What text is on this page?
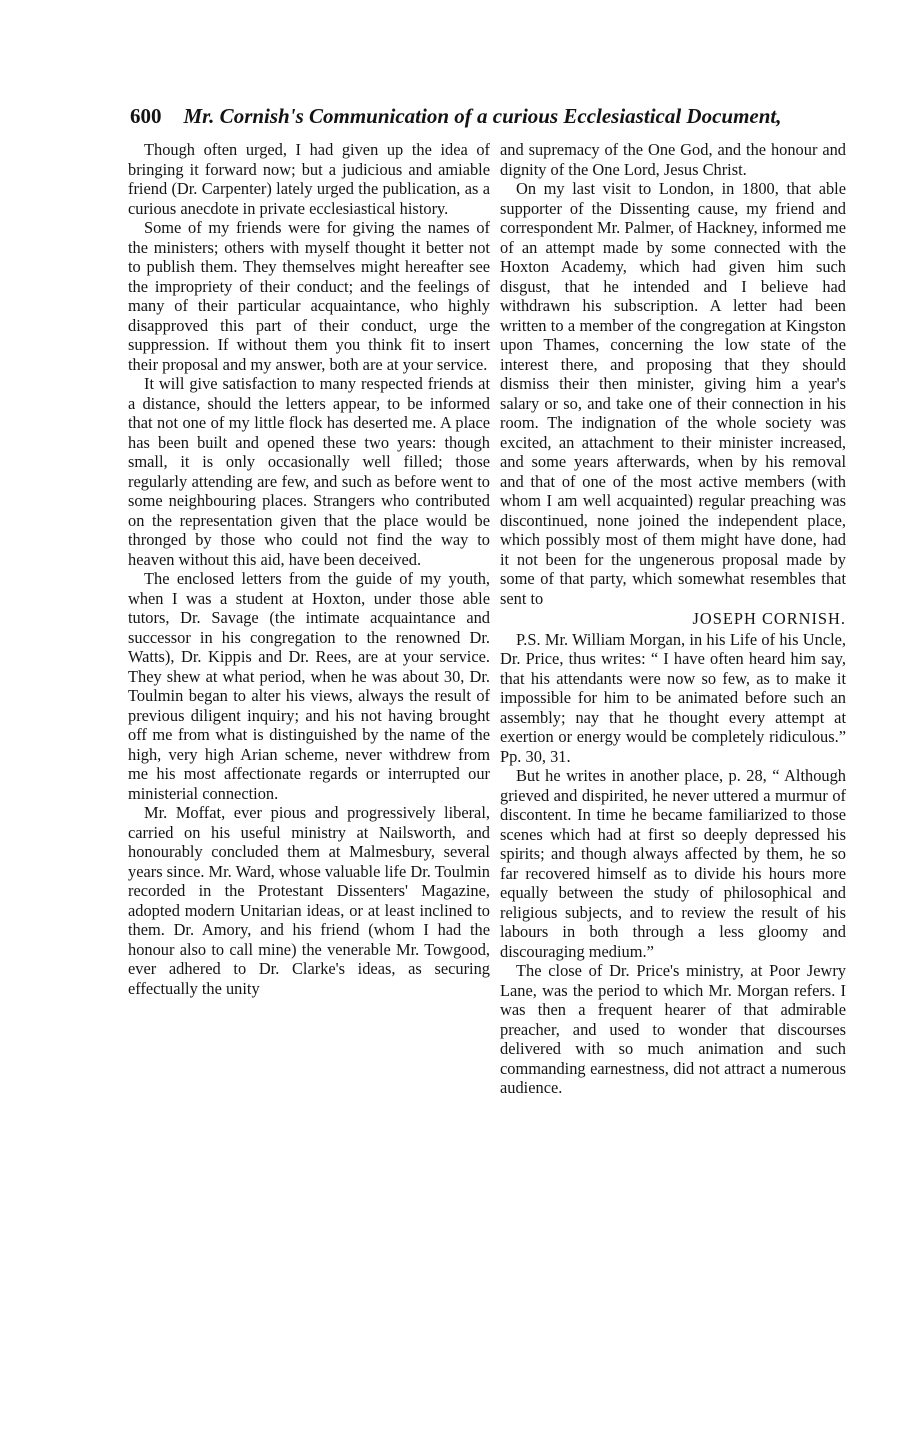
600 Mr. Cornish's Communication of a curious Ecclesiastical Document,

Though often urged, I had given up the idea of bringing it forward now; but a judicious and amiable friend (Dr. Carpenter) lately urged the publication, as a curious anecdote in private ecclesiastical history.

Some of my friends were for giving the names of the ministers; others with myself thought it better not to publish them. They themselves might hereafter see the impropriety of their conduct; and the feelings of many of their particular acquaintance, who highly disapproved this part of their conduct, urge the suppression. If without them you think fit to insert their proposal and my answer, both are at your service.

It will give satisfaction to many respected friends at a distance, should the letters appear, to be informed that not one of my little flock has deserted me. A place has been built and opened these two years: though small, it is only occasionally well filled; those regularly attending are few, and such as before went to some neighbouring places. Strangers who contributed on the representation given that the place would be thronged by those who could not find the way to heaven without this aid, have been deceived.

The enclosed letters from the guide of my youth, when I was a student at Hoxton, under those able tutors, Dr. Savage (the intimate acquaintance and successor in his congregation to the renowned Dr. Watts), Dr. Kippis and Dr. Rees, are at your service. They shew at what period, when he was about 30, Dr. Toulmin began to alter his views, always the result of previous diligent inquiry; and his not having brought off me from what is distinguished by the name of the high, very high Arian scheme, never withdrew from me his most affectionate regards or interrupted our ministerial connection.

Mr. Moffat, ever pious and progressively liberal, carried on his useful ministry at Nailsworth, and honourably concluded them at Malmesbury, several years since. Mr. Ward, whose valuable life Dr. Toulmin recorded in the Protestant Dissenters' Magazine, adopted modern Unitarian ideas, or at least inclined to them. Dr. Amory, and his friend (whom I had the honour also to call mine) the venerable Mr. Towgood, ever adhered to Dr. Clarke's ideas, as securing effectually the unity

and supremacy of the One God, and the honour and dignity of the One Lord, Jesus Christ.

On my last visit to London, in 1800, that able supporter of the Dissenting cause, my friend and correspondent Mr. Palmer, of Hackney, informed me of an attempt made by some connected with the Hoxton Academy, which had given him such disgust, that he intended and I believe had withdrawn his subscription. A letter had been written to a member of the congregation at Kingston upon Thames, concerning the low state of the interest there, and proposing that they should dismiss their then minister, giving him a year's salary or so, and take one of their connection in his room. The indignation of the whole society was excited, an attachment to their minister increased, and some years afterwards, when by his removal and that of one of the most active members (with whom I am well acquainted) regular preaching was discontinued, none joined the independent place, which possibly most of them might have done, had it not been for the ungenerous proposal made by some of that party, which somewhat resembles that sent to

JOSEPH CORNISH.

P.S. Mr. William Morgan, in his Life of his Uncle, Dr. Price, thus writes: “ I have often heard him say, that his attendants were now so few, as to make it impossible for him to be animated before such an assembly; nay that he thought every attempt at exertion or energy would be completely ridiculous.” Pp. 30, 31.

But he writes in another place, p. 28, “ Although grieved and dispirited, he never uttered a murmur of discontent. In time he became familiarized to those scenes which had at first so deeply depressed his spirits; and though always affected by them, he so far recovered himself as to divide his hours more equally between the study of philosophical and religious subjects, and to review the result of his labours in both through a less gloomy and discouraging medium.”

The close of Dr. Price's ministry, at Poor Jewry Lane, was the period to which Mr. Morgan refers. I was then a frequent hearer of that admirable preacher, and used to wonder that discourses delivered with so much animation and such commanding earnestness, did not attract a numerous audience.
